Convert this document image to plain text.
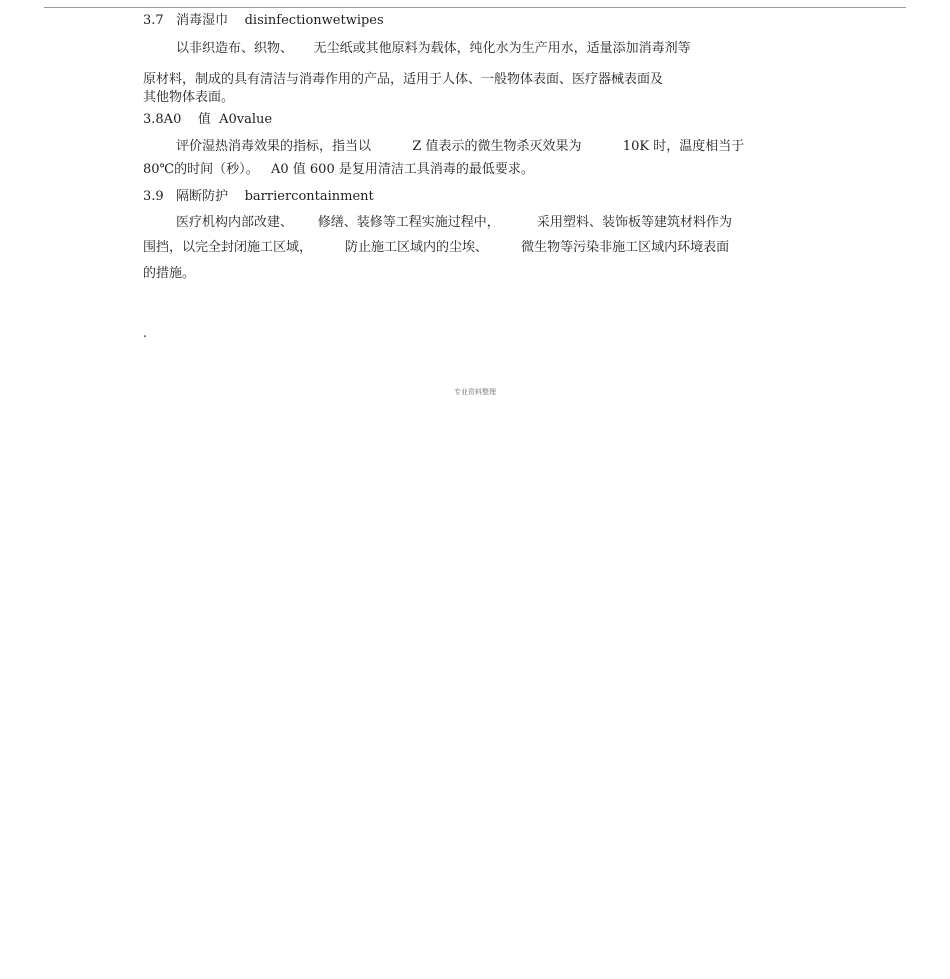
3.7   消毒湿巾    disinfectionwetwipes
以非织造布、织物、     无尘纸或其他原料为载体，纯化水为生产用水，适量添加消毒剂等
原材料，制成的具有清洁与消毒作用的产品，适用于人体、一般物体表面、医疗器械表面及
其他物体表面。
3.8A0    值  A0value
评价湿热消毒效果的指标，指当以          Z 值表示的微生物杀灭效果为          10K 时，温度相当于
80℃的时间（秒）。   A0 值 600 是复用清洁工具消毒的最低要求。
3.9   隔断防护    barriercontainment
医疗机构内部改建、      修缮、装修等工程实施过程中，         采用塑料、装饰板等建筑材料作为
围挡，以完全封闭施工区域，        防止施工区域内的尘埃、        微生物等污染非施工区域内环境表面
的措施。
.
专业资料整理
